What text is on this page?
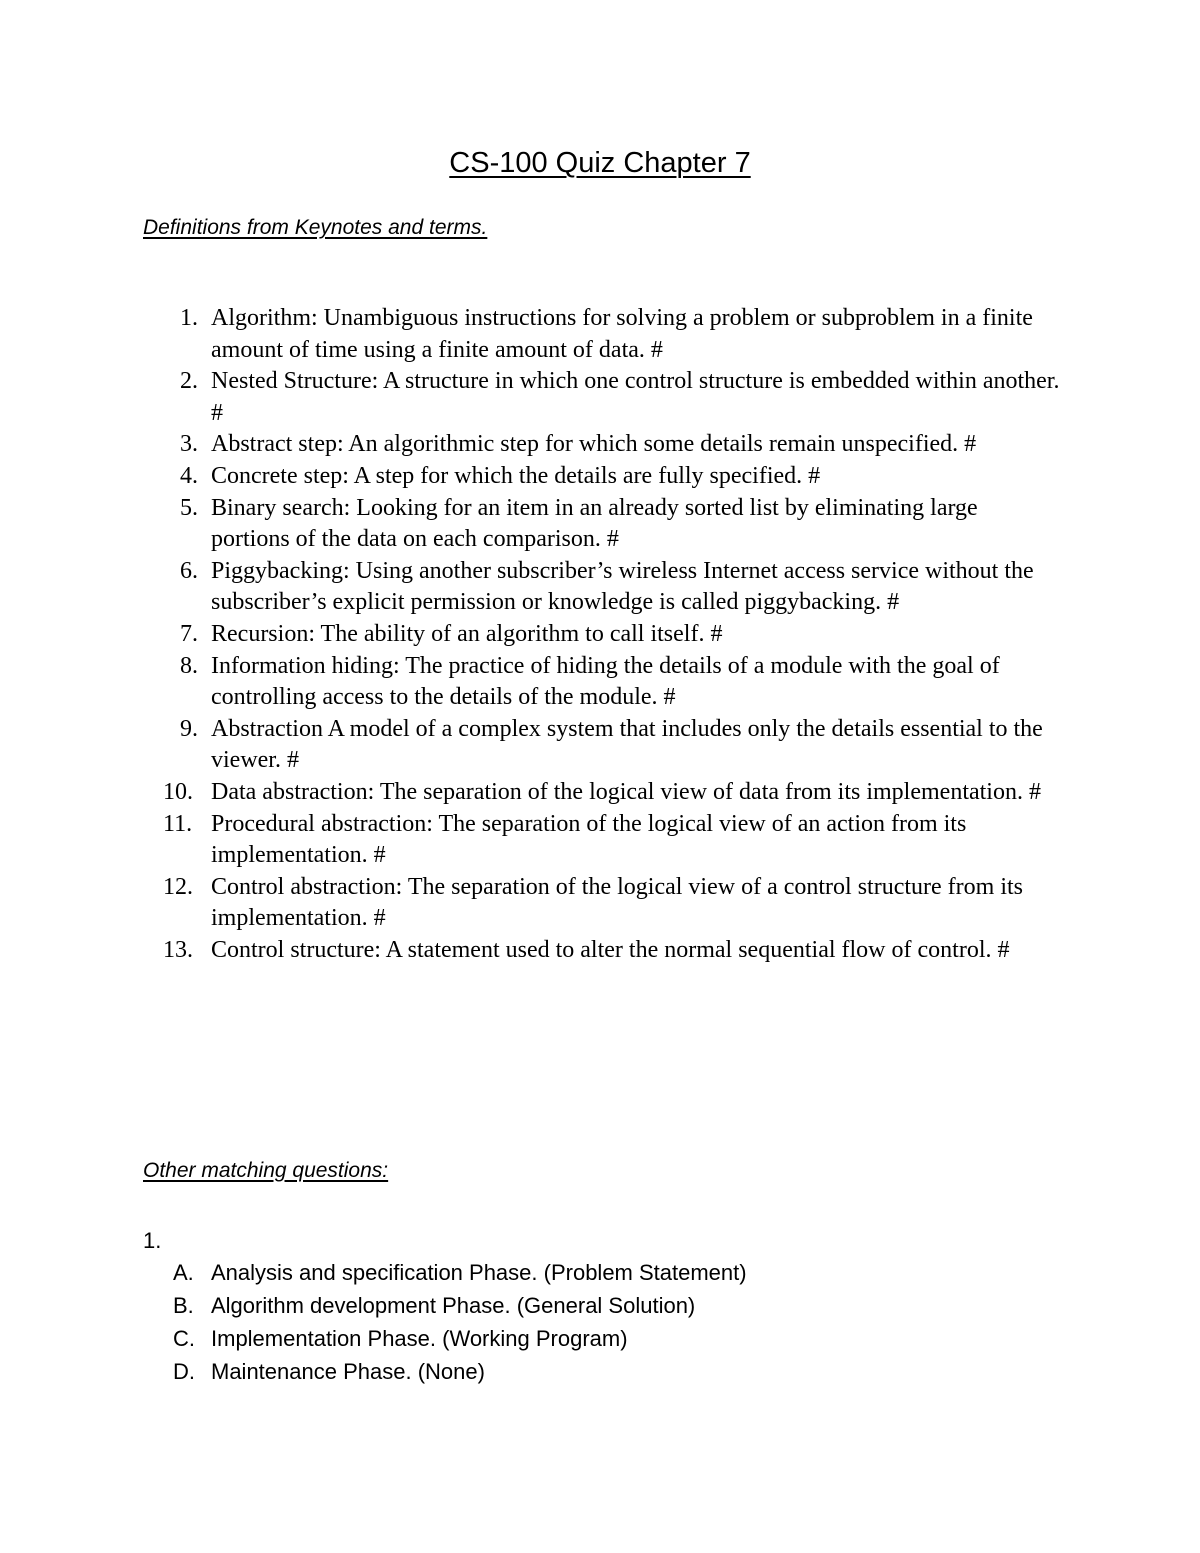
CS-100 Quiz Chapter 7
Definitions from Keynotes and terms.
1. Algorithm: Unambiguous instructions for solving a problem or subproblem in a finite amount of time using a finite amount of data. #
2. Nested Structure: A structure in which one control structure is embedded within another. #
3. Abstract step: An algorithmic step for which some details remain unspecified. #
4. Concrete step: A step for which the details are fully specified. #
5. Binary search: Looking for an item in an already sorted list by eliminating large portions of the data on each comparison. #
6. Piggybacking: Using another subscriber’s wireless Internet access service without the subscriber’s explicit permission or knowledge is called piggybacking. #
7. Recursion: The ability of an algorithm to call itself. #
8. Information hiding: The practice of hiding the details of a module with the goal of controlling access to the details of the module. #
9. Abstraction A model of a complex system that includes only the details essential to the viewer. #
10. Data abstraction: The separation of the logical view of data from its implementation. #
11. Procedural abstraction: The separation of the logical view of an action from its implementation. #
12. Control abstraction: The separation of the logical view of a control structure from its implementation. #
13. Control structure: A statement used to alter the normal sequential flow of control. #
Other matching questions:
1.
A. Analysis and specification Phase. (Problem Statement)
B. Algorithm development Phase. (General Solution)
C. Implementation Phase. (Working Program)
D. Maintenance Phase. (None)
